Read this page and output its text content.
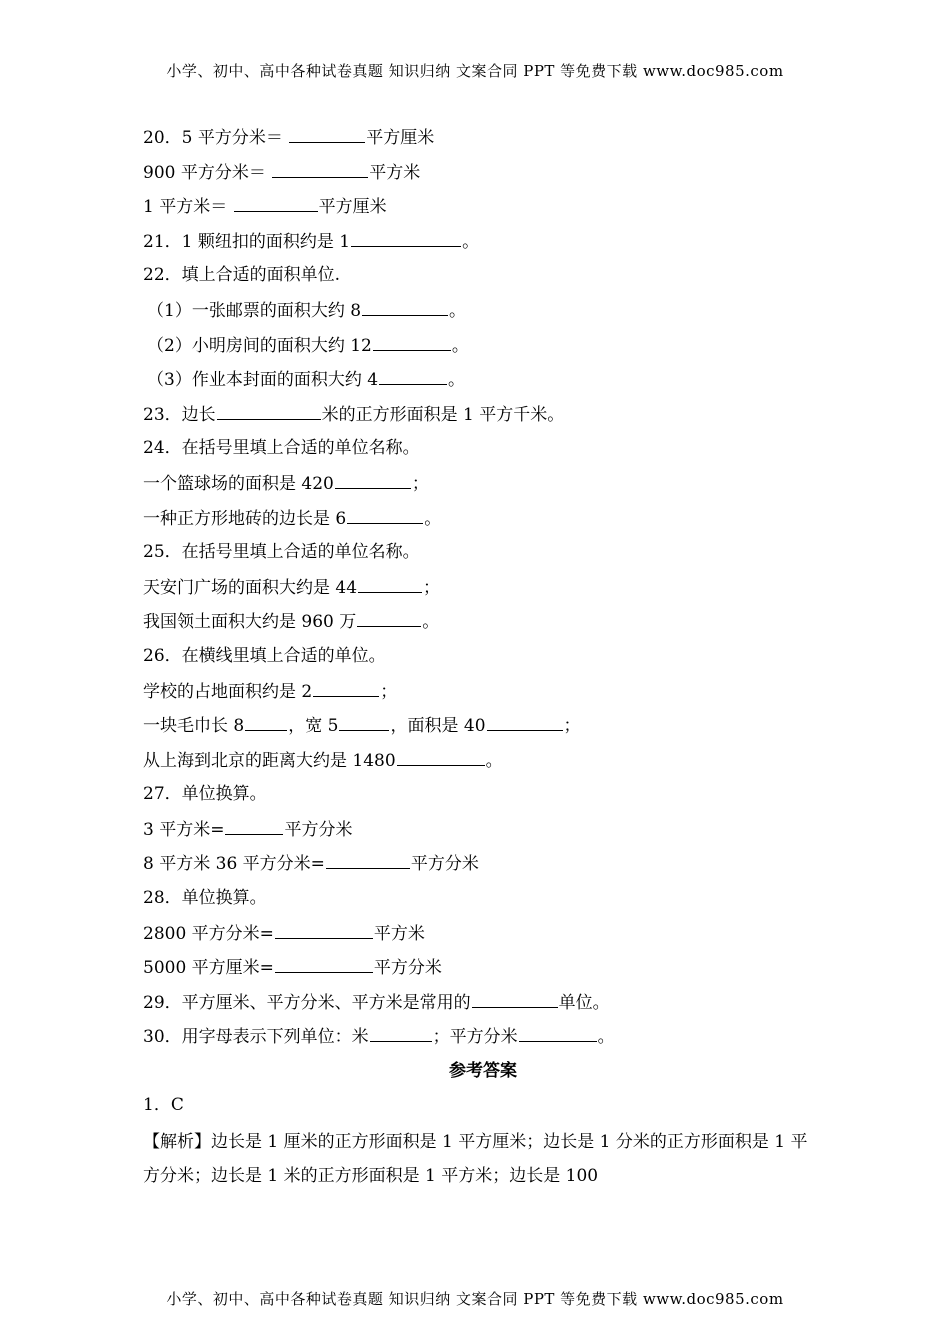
小学、初中、高中各种试卷真题 知识归纳 文案合同 PPT 等免费下载 www.doc985.com
20．5 平方分米＝	平方厘米
900 平方分米＝	平方米
1 平方米＝	平方厘米
21．1 颗纽扣的面积约是 1	。
22．填上合适的面积单位.
（1）一张邮票的面积大约 8	。
（2）小明房间的面积大约 12	。
（3）作业本封面的面积大约 4	。
23．边长	米的正方形面积是 1 平方千米。
24．在括号里填上合适的单位名称。
一个篮球场的面积是 420	；
一种正方形地砖的边长是 6	。
25．在括号里填上合适的单位名称。
天安门广场的面积大约是 44	；
我国领土面积大约是 960 万	。
26．在横线里填上合适的单位。
学校的占地面积约是 2	；
一块毛巾长 8	，宽 5	，面积是 40	；
从上海到北京的距离大约是 1480	。
27．单位换算。
3 平方米=	平方分米
8 平方米 36 平方分米=	平方分米
28．单位换算。
2800 平方分米=	平方米
5000 平方厘米=	平方分米
29．平方厘米、平方分米、平方米是常用的	单位。
30．用字母表示下列单位：米	；平方分米	。
参考答案
1．C
【解析】边长是 1 厘米的正方形面积是 1 平方厘米；边长是 1 分米的正方形面积是 1 平方分米；边长是 1 米的正方形面积是 1 平方米；边长是 100
小学、初中、高中各种试卷真题 知识归纳 文案合同 PPT 等免费下载 www.doc985.com
